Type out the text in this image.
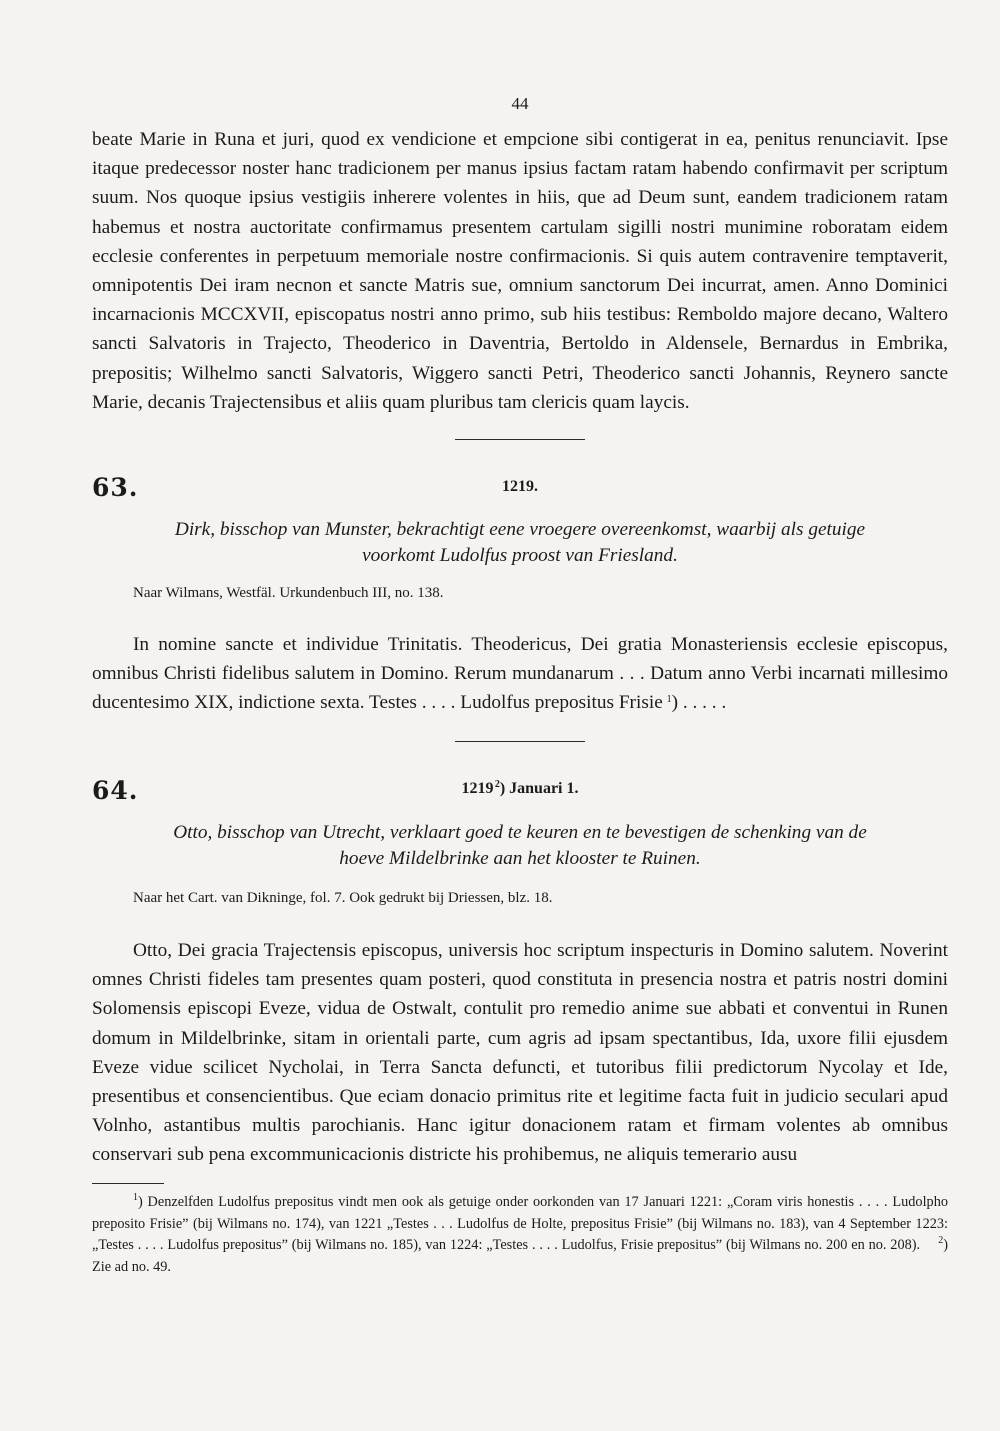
44

beate Marie in Runa et juri, quod ex vendicione et empcione sibi contigerat in ea, penitus renunciavit. Ipse itaque predecessor noster hanc tradicionem per manus ipsius factam ratam habendo confirmavit per scriptum suum. Nos quoque ipsius vestigiis inherere volentes in hiis, que ad Deum sunt, eandem tradicionem ratam habemus et nostra auctoritate confirmamus presentem cartulam sigilli nostri munimine roboratam eidem ecclesie conferentes in perpetuum memoriale nostre confirmacionis. Si quis autem contravenire temptaverit, omnipotentis Dei iram necnon et sancte Matris sue, omnium sanctorum Dei incurrat, amen. Anno Dominici incarnacionis MCCXVII, episcopatus nostri anno primo, sub hiis testibus: Remboldo majore decano, Waltero sancti Salvatoris in Trajecto, Theoderico in Daventria, Bertoldo in Aldensele, Bernardus in Embrika, prepositis; Wilhelmo sancti Salvatoris, Wiggero sancti Petri, Theoderico sancti Johannis, Reynero sancte Marie, decanis Trajectensibus et aliis quam pluribus tam clericis quam laycis.

63.	1219.
Dirk, bisschop van Munster, bekrachtigt eene vroegere overeenkomst, waarbij als getuige
voorkomt Ludolfus proost van Friesland.
Naar Wilmans, Westfäl. Urkundenbuch III, no. 138.

In nomine sancte et individue Trinitatis. Theodericus, Dei gratia Monasteriensis ecclesie episcopus, omnibus Christi fidelibus salutem in Domino. Rerum mundanarum . . . Datum anno Verbi incarnati millesimo ducentesimo XIX, indictione sexta. Testes . . . . Ludolfus prepositus Frisie  $^1$) . . . . .

64.	1219 $^2$) Januari 1.
Otto, bisschop van Utrecht, verklaart goed te keuren en te bevestigen de schenking van de
hoeve Mildelbrinke aan het klooster te Ruinen.
Naar het Cart. van Dikninge, fol. 7. Ook gedrukt bij Driessen, blz. 18.

Otto, Dei gracia Trajectensis episcopus, universis hoc scriptum inspecturis in Domino salutem. Noverint omnes Christi fideles tam presentes quam posteri, quod constituta in presencia nostra et patris nostri domini Solomensis episcopi Eveze, vidua de Ostwalt, contulit pro remedio anime sue abbati et conventui in Runen domum in Mildelbrinke, sitam in orientali parte, cum agris ad ipsam spectantibus, Ida, uxore filii ejusdem Eveze vidue scilicet Nycholai, in Terra Sancta defuncti, et tutoribus filii predictorum Nycolay et Ide, presentibus et consencientibus. Que eciam donacio primitus rite et legitime facta fuit in judicio seculari apud Volnho, astantibus multis parochianis. Hanc igitur donacionem ratam et firmam volentes ab omnibus conservari sub pena excommunicacionis districte his prohibemus, ne aliquis temerario ausu

$^1$) Denzelfden Ludolfus prepositus vindt men ook als getuige onder oorkonden van 17 Januari 1221: „Coram viris honestis . . . . Ludolpho preposito Frisie” (bij Wilmans no. 174), van 1221 „Testes . . . Ludolfus de Holte, prepositus Frisie” (bij Wilmans no. 183), van 4 September 1223: „Testes . . . . Ludolfus prepositus” (bij Wilmans no. 185), van 1224: „Testes . . . . Ludolfus, Frisie prepositus” (bij Wilmans no. 200 en no. 208).   $^2$) Zie ad no. 49.
